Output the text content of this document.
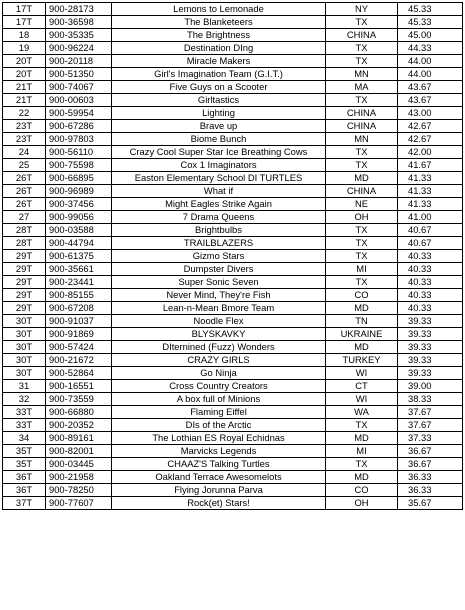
17T	900-28173	Lemons to Lemonade	NY	45.33
17T	900-36598	The Blanketeers	TX	45.33
18	900-35335	The Brightness	CHINA	45.00
19	900-96224	Destination DIng	TX	44.33
20T	900-20118	Miracle Makers	TX	44.00
20T	900-51350	Girl's Imagination Team (G.I.T.)	MN	44.00
21T	900-74067	Five Guys on a Scooter	MA	43.67
21T	900-00603	Girltastics	TX	43.67
22	900-59954	Lighting	CHINA	43.00
23T	900-67286	Brave up	CHINA	42.67
23T	900-97803	Biome Bunch	MN	42.67
24	900-56110	Crazy Cool Super Star Ice Breathing Cows	TX	42.00
25	900-75598	Cox 1 Imaginators	TX	41.67
26T	900-66895	Easton Elementary School DI TURTLES	MD	41.33
26T	900-96989	What if	CHINA	41.33
26T	900-37456	Might Eagles Strike Again	NE	41.33
27	900-99056	7 Drama Queens	OH	41.00
28T	900-03588	Brightbulbs	TX	40.67
28T	900-44794	TRAILBLAZERS	TX	40.67
29T	900-61375	Gizmo Stars	TX	40.33
29T	900-35661	Dumpster Divers	MI	40.33
29T	900-23441	Super Sonic Seven	TX	40.33
29T	900-85155	Never Mind, They're Fish	CO	40.33
29T	900-67208	Lean-n-Mean Bmore Team	MD	40.33
30T	900-91037	Noodle Flex	TN	39.33
30T	900-91869	BLYSKAVKY	UKRAINE	39.33
30T	900-57424	DIternined (Fuzz) Wonders	MD	39.33
30T	900-21672	CRAZY GIRLS	TURKEY	39.33
30T	900-52864	Go Ninja	WI	39.33
31	900-16551	Cross Country Creators	CT	39.00
32	900-73559	A box full of Minions	WI	38.33
33T	900-66880	Flaming Eiffel	WA	37.67
33T	900-20352	DIs of the Arctic	TX	37.67
34	900-89161	The Lothian ES Royal Echidnas	MD	37.33
35T	900-82001	Marvicks Legends	MI	36.67
35T	900-03445	CHAAZ'S Talking Turtles	TX	36.67
36T	900-21958	Oakland Terrace Awesomelots	MD	36.33
36T	900-78250	Flying Jorunna Parva	CO	36.33
37T	900-77607	Rock(et) Stars!	OH	35.67
